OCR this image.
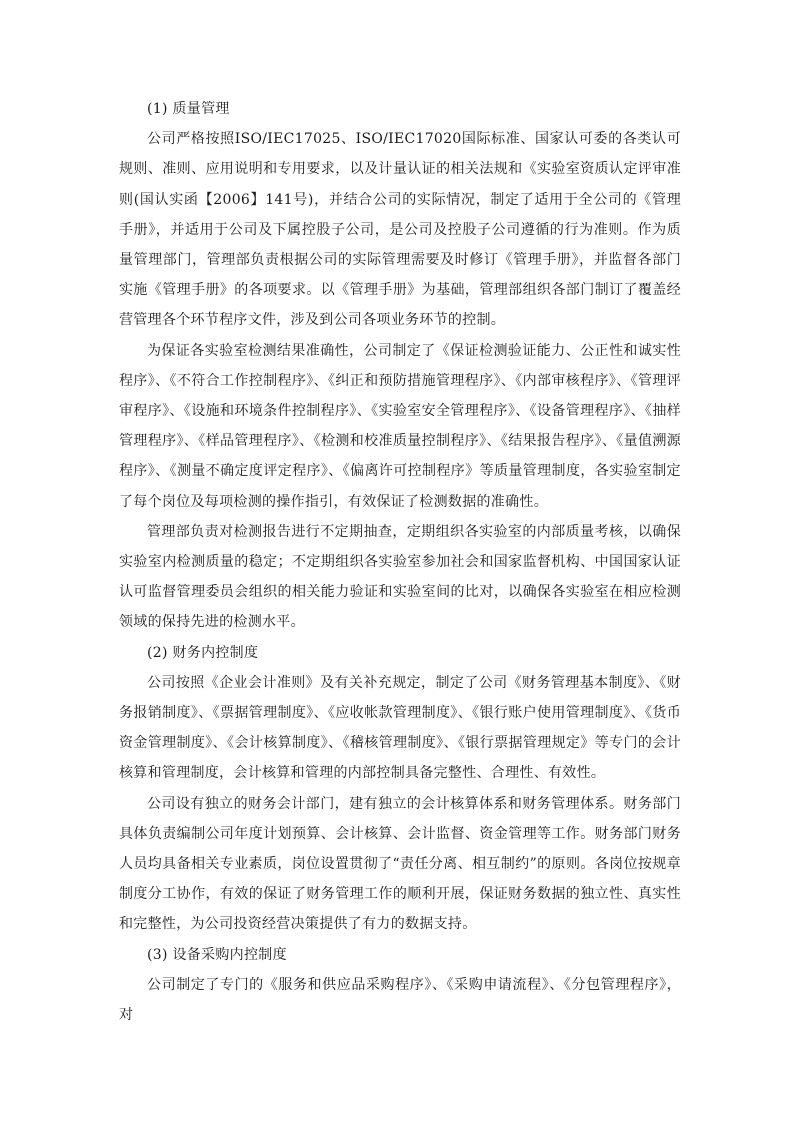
(1) 质量管理

公司严格按照ISO/IEC17025、ISO/IEC17020国际标准、国家认可委的各类认可规则、准则、应用说明和专用要求，以及计量认证的相关法规和《实验室资质认定评审准则(国认实函【2006】141号)，并结合公司的实际情况，制定了适用于全公司的《管理手册》，并适用于公司及下属控股子公司，是公司及控股子公司遵循的行为准则。作为质量管理部门，管理部负责根据公司的实际管理需要及时修订《管理手册》，并监督各部门实施《管理手册》的各项要求。以《管理手册》为基础，管理部组织各部门制订了覆盖经营管理各个环节程序文件，涉及到公司各项业务环节的控制。

为保证各实验室检测结果准确性，公司制定了《保证检测验证能力、公正性和诚实性程序》、《不符合工作控制程序》、《纠正和预防措施管理程序》、《内部审核程序》、《管理评审程序》、《设施和环境条件控制程序》、《实验室安全管理程序》、《设备管理程序》、《抽样管理程序》、《样品管理程序》、《检测和校准质量控制程序》、《结果报告程序》、《量值溯源程序》、《测量不确定度评定程序》、《偏离许可控制程序》等质量管理制度，各实验室制定了每个岗位及每项检测的操作指引，有效保证了检测数据的准确性。

管理部负责对检测报告进行不定期抽查，定期组织各实验室的内部质量考核，以确保实验室内检测质量的稳定；不定期组织各实验室参加社会和国家监督机构、中国国家认证认可监督管理委员会组织的相关能力验证和实验室间的比对，以确保各实验室在相应检测领域的保持先进的检测水平。

(2) 财务内控制度

公司按照《企业会计准则》及有关补充规定，制定了公司《财务管理基本制度》、《财务报销制度》、《票据管理制度》、《应收帐款管理制度》、《银行账户使用管理制度》、《货币资金管理制度》、《会计核算制度》、《稽核管理制度》、《银行票据管理规定》等专门的会计核算和管理制度，会计核算和管理的内部控制具备完整性、合理性、有效性。

公司设有独立的财务会计部门，建有独立的会计核算体系和财务管理体系。财务部门具体负责编制公司年度计划预算、会计核算、会计监督、资金管理等工作。财务部门财务人员均具备相关专业素质，岗位设置贯彻了“责任分离、相互制约”的原则。各岗位按规章制度分工协作，有效的保证了财务管理工作的顺利开展，保证财务数据的独立性、真实性和完整性，为公司投资经营决策提供了有力的数据支持。

(3) 设备采购内控制度

公司制定了专门的《服务和供应品采购程序》、《采购申请流程》、《分包管理程序》，对
